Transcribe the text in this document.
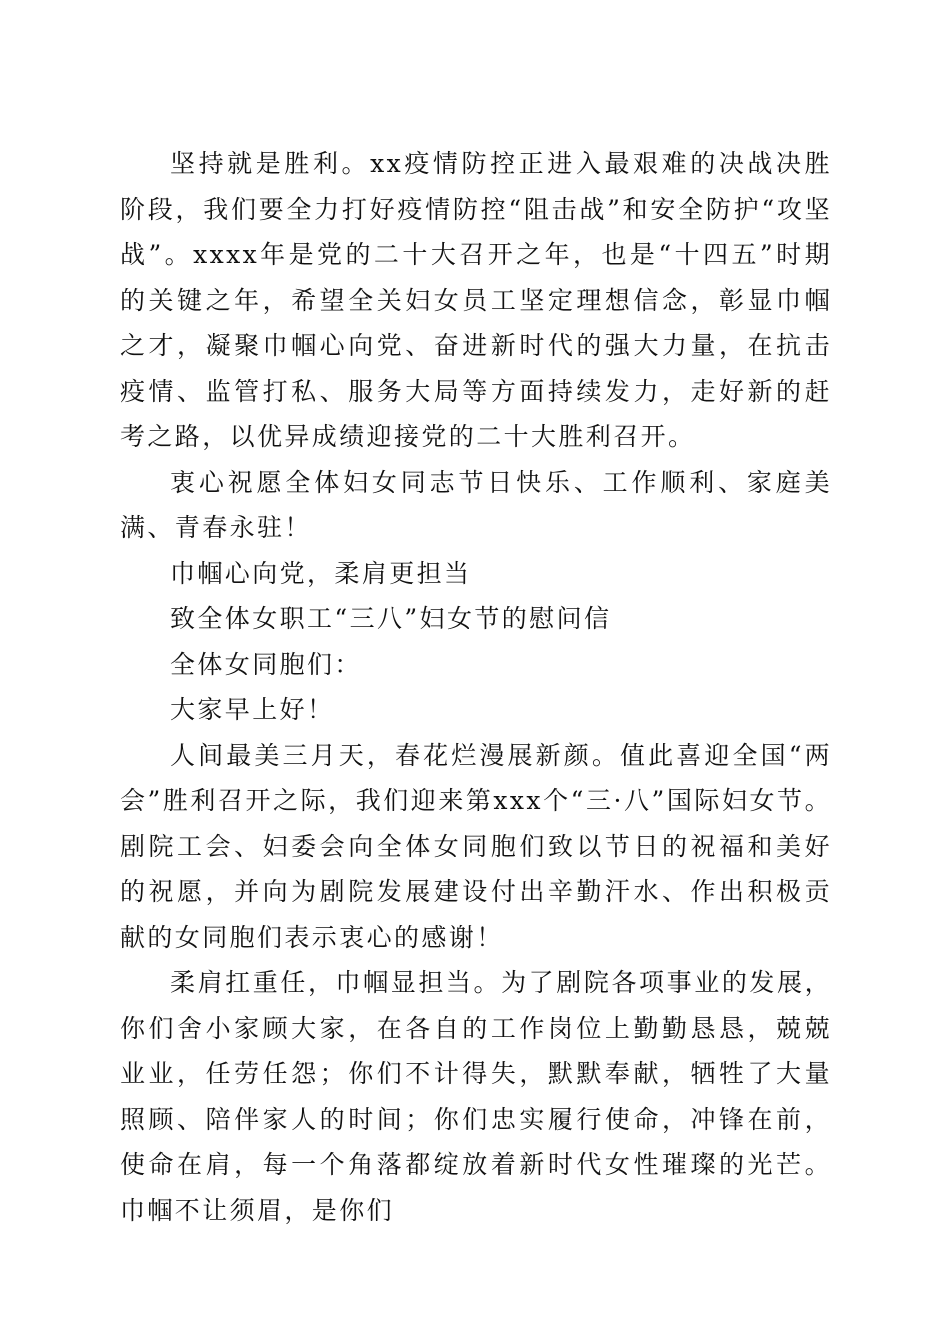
坚持就是胜利。xx疫情防控正进入最艰难的决战决胜阶段，我们要全力打好疫情防控“阻击战”和安全防护“攻坚战”。xxxx年是党的二十大召开之年，也是“十四五”时期的关键之年，希望全关妇女员工坚定理想信念，彰显巾帼之才，凝聚巾帼心向党、奋进新时代的强大力量，在抗击疫情、监管打私、服务大局等方面持续发力，走好新的赶考之路，以优异成绩迎接党的二十大胜利召开。

衷心祝愿全体妇女同志节日快乐、工作顺利、家庭美满、青春永驻！

巾帼心向党，柔肩更担当

致全体女职工“三八”妇女节的慰问信

全体女同胞们：

大家早上好！

人间最美三月天，春花烂漫展新颜。值此喜迎全国“两会”胜利召开之际，我们迎来第xxx个“三·八”国际妇女节。剧院工会、妇委会向全体女同胞们致以节日的祝福和美好的祝愿，并向为剧院发展建设付出辛勤汗水、作出积极贡献的女同胞们表示衷心的感谢！

柔肩扛重任，巾帼显担当。为了剧院各项事业的发展，你们舍小家顾大家，在各自的工作岗位上勤勤恳恳，兢兢业业，任劳任怨；你们不计得失，默默奉献，牺牲了大量照顾、陪伴家人的时间；你们忠实履行使命，冲锋在前，使命在肩，每一个角落都绽放着新时代女性璀璨的光芒。巾帼不让须眉，是你们
